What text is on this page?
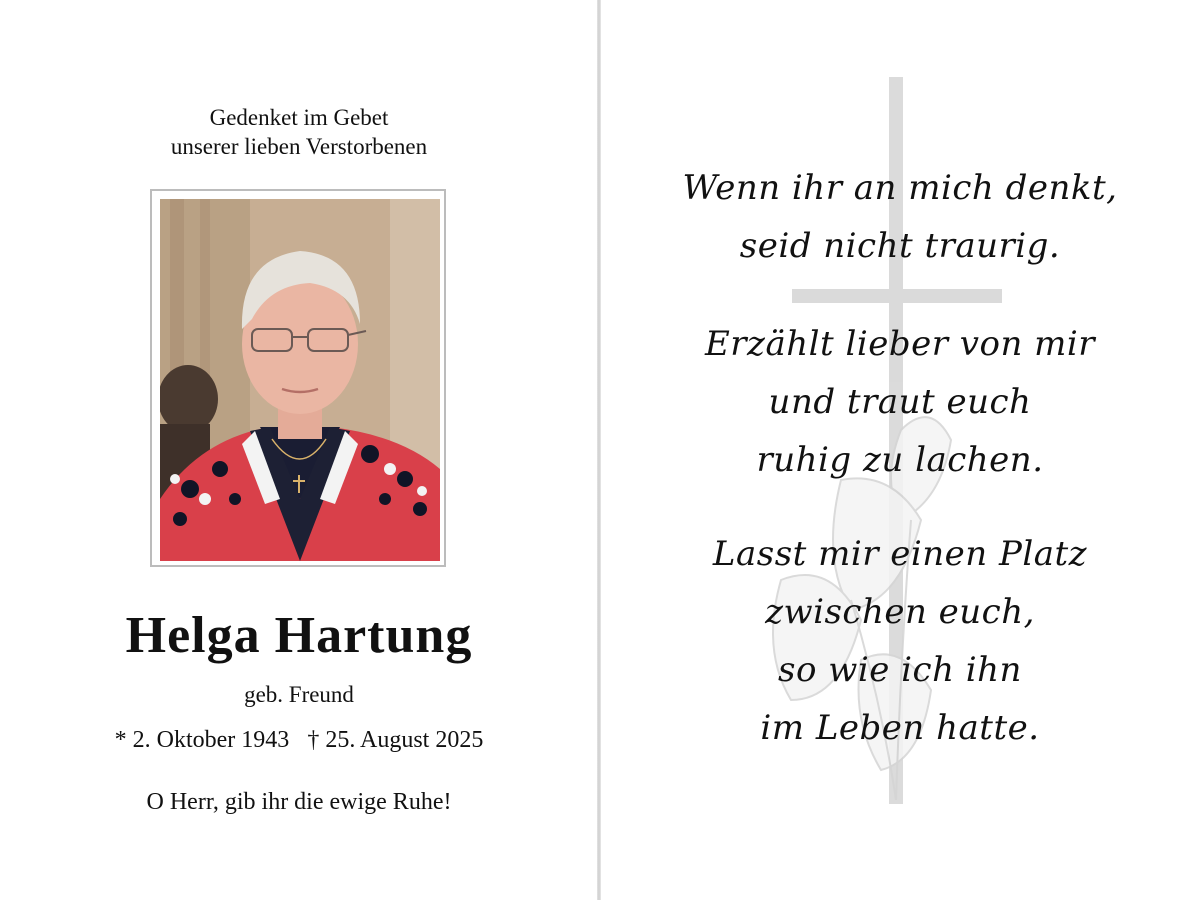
Gedenket im Gebet
unserer lieben Verstorbenen
Helga Hartung
geb. Freund
* 2. Oktober 1943 † 25. August 2025
O Herr, gib ihr die ewige Ruhe!
Wenn ihr an mich denkt,
seid nicht traurig.
Erzählt lieber von mir
und traut euch
ruhig zu lachen.
Lasst mir einen Platz
zwischen euch,
so wie ich ihn
im Leben hatte.
